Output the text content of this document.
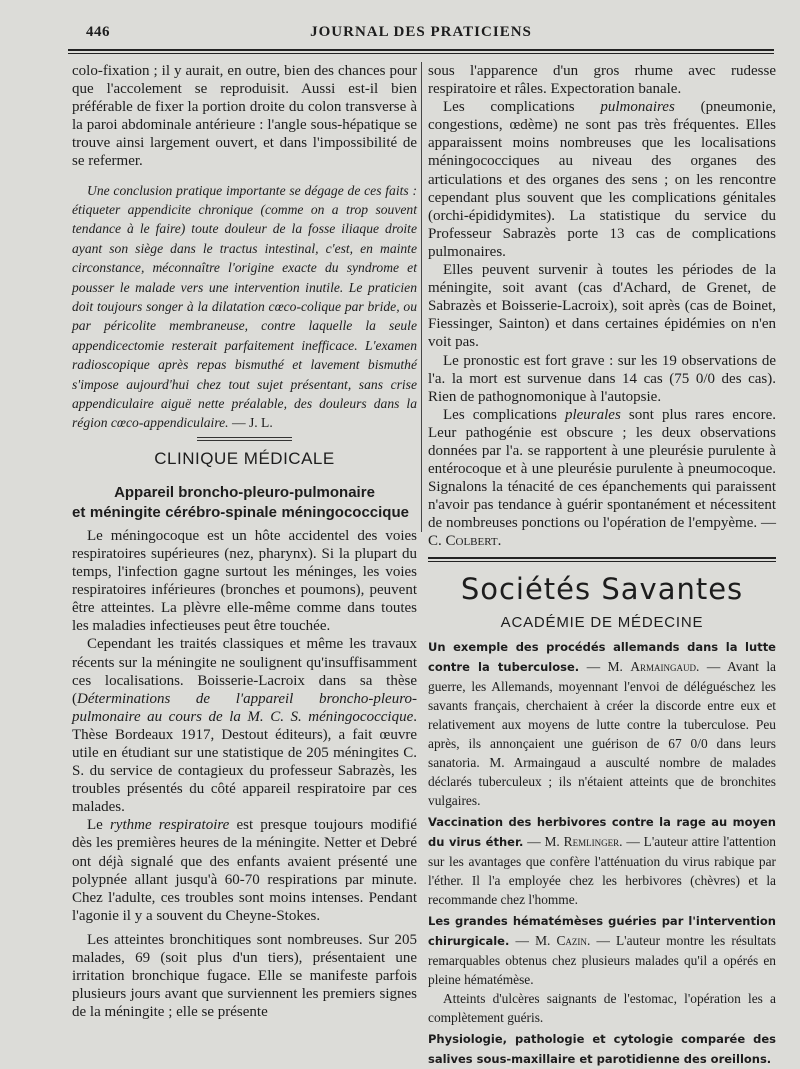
446	JOURNAL DES PRATICIENS

colo-fixation ; il y aurait, en outre, bien des chances pour que l'accolement se reproduisit. Aussi est-il bien préférable de fixer la portion droite du colon transverse à la paroi abdominale antérieure : l'angle sous-hépatique se trouve ainsi largement ouvert, et dans l'impossibilité de se refermer.

Une conclusion pratique importante se dégage de ces faits : étiqueter appendicite chronique (comme on a trop souvent tendance à le faire) toute douleur de la fosse iliaque droite ayant son siège dans le tractus intestinal, c'est, en mainte circonstance, méconnaître l'origine exacte du syndrome et pousser le malade vers une intervention inutile. Le praticien doit toujours songer à la dilatation cœco-colique par bride, ou par péricolite membraneuse, contre laquelle la seule appendicectomie resterait parfaitement inefficace. L'examen radioscopique après repas bismuthé et lavement bismuthé s'impose aujourd'hui chez tout sujet présentant, sans crise appendiculaire aiguë nette préalable, des douleurs dans la région cœco-appendiculaire. — J. L.

CLINIQUE MÉDICALE
Appareil broncho-pleuro-pulmonaire
et méningite cérébro-spinale méningococcique

Le méningocoque est un hôte accidentel des voies respiratoires supérieures (nez, pharynx). Si la plupart du temps, l'infection gagne surtout les méninges, les voies respiratoires inférieures (bronches et poumons), peuvent être atteintes. La plèvre elle-même comme dans toutes les maladies infectieuses peut être touchée.

Cependant les traités classiques et même les travaux récents sur la méningite ne soulignent qu'insuffisamment ces localisations. Boisserie-Lacroix dans sa thèse (Déterminations de l'appareil broncho-pleuro-pulmonaire au cours de la M. C. S. méningococcique. Thèse Bordeaux 1917, Destout éditeurs), a fait œuvre utile en étudiant sur une statistique de 205 méningites C. S. du service de contagieux du professeur Sabrazès, les troubles présentés du côté appareil respiratoire par ces malades.

Le rythme respiratoire est presque toujours modifié dès les premières heures de la méningite. Netter et Debré ont déjà signalé que des enfants avaient présenté une polypnée allant jusqu'à 60-70 respirations par minute. Chez l'adulte, ces troubles sont moins intenses. Pendant l'agonie il y a souvent du Cheyne-Stokes.

Les atteintes bronchitiques sont nombreuses. Sur 205 malades, 69 (soit plus d'un tiers), présentaient une irritation bronchique fugace. Elle se manifeste parfois plusieurs jours avant que surviennent les premiers signes de la méningite ; elle se présente

sous l'apparence d'un gros rhume avec rudesse respiratoire et râles. Expectoration banale.

Les complications pulmonaires (pneumonie, congestions, œdème) ne sont pas très fréquentes. Elles apparaissent moins nombreuses que les localisations méningococciques au niveau des organes des articulations et des organes des sens ; on les rencontre cependant plus souvent que les complications génitales (orchi-épididymites). La statistique du service du Professeur Sabrazès porte 13 cas de complications pulmonaires.

Elles peuvent survenir à toutes les périodes de la méningite, soit avant (cas d'Achard, de Grenet, de Sabrazès et Boisserie-Lacroix), soit après (cas de Boinet, Fiessinger, Sainton) et dans certaines épidémies on n'en voit pas.

Le pronostic est fort grave : sur les 19 observations de l'a. la mort est survenue dans 14 cas (75 0/0 des cas). Rien de pathognomonique à l'autopsie.

Les complications pleurales sont plus rares encore. Leur pathogénie est obscure ; les deux observations données par l'a. se rapportent à une pleurésie purulente à entérocoque et à une pleurésie purulente à pneumocoque. Signalons la ténacité de ces épanchements qui paraissent n'avoir pas tendance à guérir spontanément et nécessitent de nombreuses ponctions ou l'opération de l'empyème. — C. Colbert.

Sociétés Savantes
ACADÉMIE DE MÉDECINE

Un exemple des procédés allemands dans la lutte contre la tuberculose. — M. Armaingaud. — Avant la guerre, les Allemands, moyennant l'envoi de déléguéschez les savants français, cherchaient à créer la discorde entre eux et relativement aux moyens de lutte contre la tuberculose. Peu après, ils annonçaient une guérison de 67 0/0 dans leurs sanatoria. M. Armaingaud a ausculté nombre de malades déclarés tuberculeux ; ils n'étaient atteints que de bronchites vulgaires.

Vaccination des herbivores contre la rage au moyen du virus éther. — M. Remlinger. — L'auteur attire l'attention sur les avantages que confère l'atténuation du virus rabique par l'éther. Il l'a employée chez les herbivores (chèvres) et la recommande chez l'homme.

Les grandes hématémèses guéries par l'intervention chirurgicale. — M. Cazin. — L'auteur montre les résultats remarquables obtenus chez plusieurs malades qu'il a opérés en pleine hématémèse.

Atteints d'ulcères saignants de l'estomac, l'opération les a complètement guéris.

Physiologie, pathologie et cytologie comparée des salives sous-maxillaire et parotidienne des oreillons.
